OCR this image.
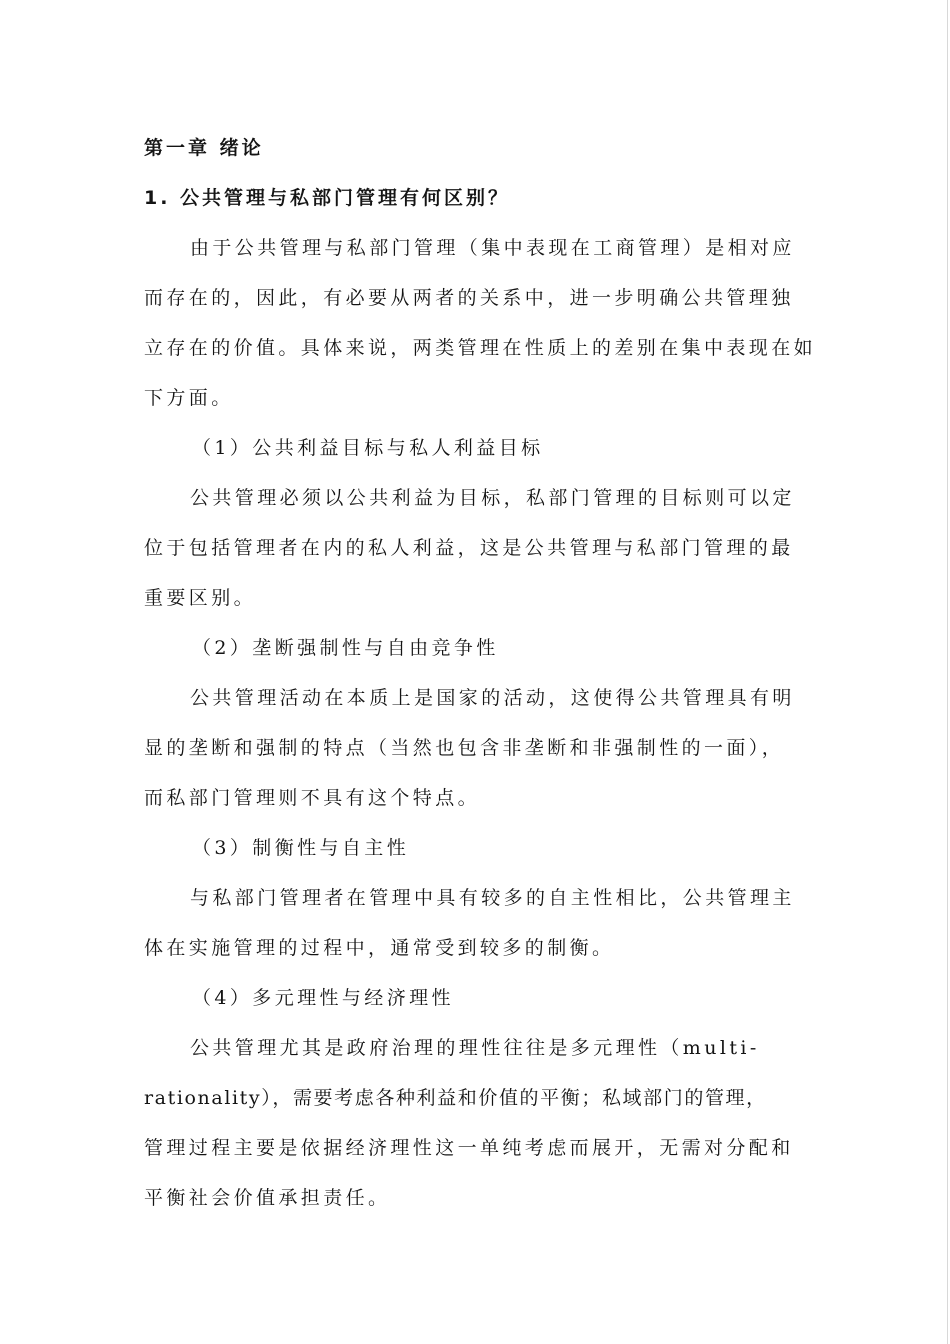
第一章 绪论
1. 公共管理与私部门管理有何区别？
由于公共管理与私部门管理（集中表现在工商管理）是相对应
而存在的，因此，有必要从两者的关系中，进一步明确公共管理独
立存在的价值。具体来说，两类管理在性质上的差别在集中表现在如
下方面。
（1）公共利益目标与私人利益目标
公共管理必须以公共利益为目标，私部门管理的目标则可以定
位于包括管理者在内的私人利益，这是公共管理与私部门管理的最
重要区别。
（2）垄断强制性与自由竞争性
公共管理活动在本质上是国家的活动，这使得公共管理具有明
显的垄断和强制的特点（当然也包含非垄断和非强制性的一面），
而私部门管理则不具有这个特点。
（3）制衡性与自主性
与私部门管理者在管理中具有较多的自主性相比，公共管理主
体在实施管理的过程中，通常受到较多的制衡。
（4）多元理性与经济理性
公共管理尤其是政府治理的理性往往是多元理性（multi-
rationality），需要考虑各种利益和价值的平衡；私域部门的管理，
管理过程主要是依据经济理性这一单纯考虑而展开，无需对分配和
平衡社会价值承担责任。
